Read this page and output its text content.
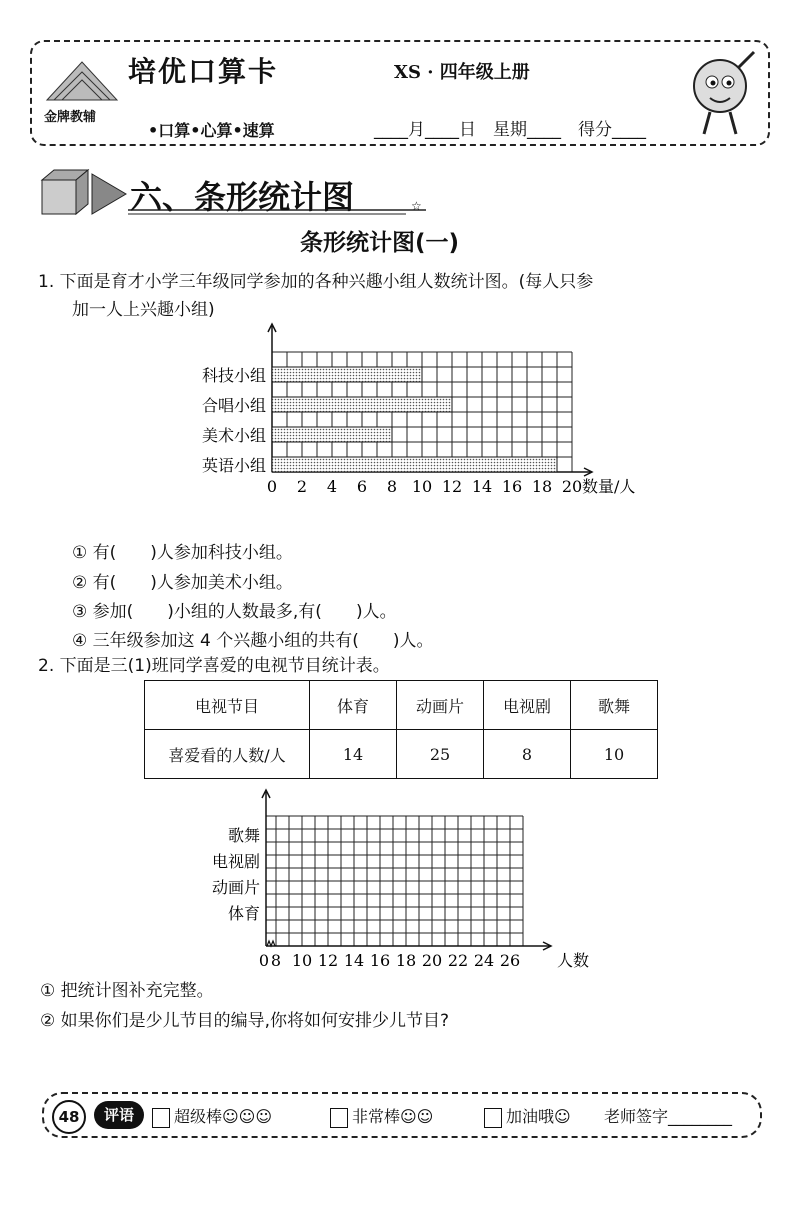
金牌教辅
培优口算卡	XS · 四年级上册
•口算•心算•速算	____月____日　星期____　得分____
☆
六、条形统计图
条形统计图(一)
1. 下面是育才小学三年级同学参加的各种兴趣小组人数统计图。(每人只参
加一人上兴趣小组)
科技小组
合唱小组
美术小组
英语小组
0 2 4 6 8 10 12 14 16 18 20 数量/人
① 有(　　)人参加科技小组。
② 有(　　)人参加美术小组。
③ 参加(　　)小组的人数最多,有(　　)人。
④ 三年级参加这 4 个兴趣小组的共有(　　)人。
2. 下面是三(1)班同学喜爱的电视节目统计表。
电视节目	体育	动画片	电视剧	歌舞
喜爱看的人数/人	14	25	8	10
歌舞
电视剧
动画片
体育
0 8 10 12 14 16 18 20 22 24 26 人数
① 把统计图补充完整。
② 如果你们是少儿节目的编导,你将如何安排少儿节目?
48	评语	超级棒☺☺☺	非常棒☺☺	加油哦☺ 老师签字________
